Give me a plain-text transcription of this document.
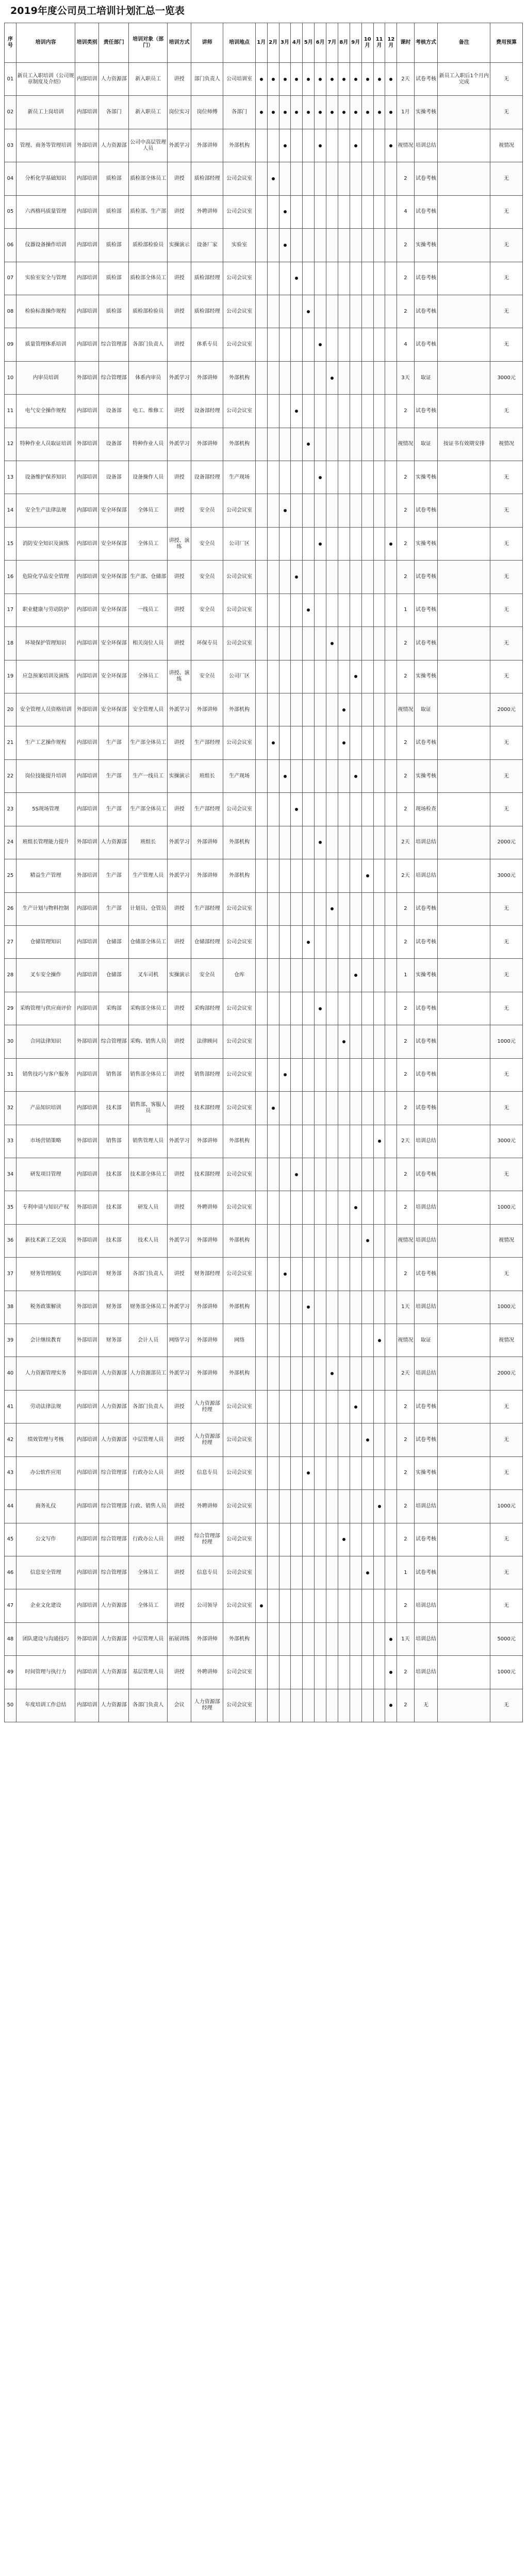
2019年度公司员工培训计划汇总一览表
序号	培训内容	培训类别	责任部门	培训对象（部门）	培训方式	讲师	培训地点	1月	2月	3月	4月	5月	6月	7月	8月	9月	10月	11月	12月	课时	考核方式	备注	费用预算
01	新员工入职培训（公司规章制度及介绍）	内部培训	人力资源部	新入职员工	讲授	部门负责人	公司培训室													2天	试卷考核	新员工入职后1个月内完成	无
02	新员工上岗培训	内部培训	各部门	新入职员工	岗位实习	岗位师傅	各部门													1月	实操考核		无
03	管理、商务等管理培训	外部培训	人力资源部	公司中高层管理人员	外派学习	外部讲师	外部机构													视情况	培训总结		视情况
04	分析化学基础知识	内部培训	质检部	质检部全体员工	讲授	质检部经理	公司会议室													2	试卷考核		无
05	六西格玛质量管理	内部培训	质检部	质检部、生产部	讲授	外聘讲师	公司会议室													4	试卷考核		无
06	仪器设备操作培训	内部培训	质检部	质检部检验员	实操演示	设备厂家	实验室													2	实操考核		无
07	实验室安全与管理	内部培训	质检部	质检部全体员工	讲授	质检部经理	公司会议室													2	试卷考核		无
08	检验标准操作规程	内部培训	质检部	质检部检验员	讲授	质检部经理	公司会议室													2	试卷考核		无
09	质量管理体系培训	内部培训	综合管理部	各部门负责人	讲授	体系专员	公司会议室													4	试卷考核		无
10	内审员培训	外部培训	综合管理部	体系内审员	外派学习	外部讲师	外部机构													3天	取证		3000元
11	电气安全操作规程	内部培训	设备部	电工、维修工	讲授	设备部经理	公司会议室													2	试卷考核		无
12	特种作业人员取证培训	外部培训	设备部	特种作业人员	外派学习	外部讲师	外部机构													视情况	取证	按证书有效期安排	视情况
13	设备维护保养知识	内部培训	设备部	设备操作人员	讲授	设备部经理	生产现场													2	实操考核		无
14	安全生产法律法规	内部培训	安全环保部	全体员工	讲授	安全员	公司会议室													2	试卷考核		无
15	消防安全知识及演练	内部培训	安全环保部	全体员工	讲授、演练	安全员	公司厂区													2	实操考核		无
16	危险化学品安全管理	内部培训	安全环保部	生产部、仓储部	讲授	安全员	公司会议室													2	试卷考核		无
17	职业健康与劳动防护	内部培训	安全环保部	一线员工	讲授	安全员	公司会议室													1	试卷考核		无
18	环境保护管理知识	内部培训	安全环保部	相关岗位人员	讲授	环保专员	公司会议室													2	试卷考核		无
19	应急预案培训及演练	内部培训	安全环保部	全体员工	讲授、演练	安全员	公司厂区													2	实操考核		无
20	安全管理人员资格培训	外部培训	安全环保部	安全管理人员	外派学习	外部讲师	外部机构													视情况	取证		2000元
21	生产工艺操作规程	内部培训	生产部	生产部全体员工	讲授	生产部经理	公司会议室													2	试卷考核		无
22	岗位技能提升培训	内部培训	生产部	生产一线员工	实操演示	班组长	生产现场													2	实操考核		无
23	5S现场管理	内部培训	生产部	生产部全体员工	讲授	生产部经理	公司会议室													2	现场检查		无
24	班组长管理能力提升	外部培训	人力资源部	班组长	外派学习	外部讲师	外部机构													2天	培训总结		2000元
25	精益生产管理	外部培训	生产部	生产管理人员	外派学习	外部讲师	外部机构													2天	培训总结		3000元
26	生产计划与物料控制	内部培训	生产部	计划员、仓管员	讲授	生产部经理	公司会议室													2	试卷考核		无
27	仓储管理知识	内部培训	仓储部	仓储部全体员工	讲授	仓储部经理	公司会议室													2	试卷考核		无
28	叉车安全操作	内部培训	仓储部	叉车司机	实操演示	安全员	仓库													1	实操考核		无
29	采购管理与供应商评价	内部培训	采购部	采购部全体员工	讲授	采购部经理	公司会议室													2	试卷考核		无
30	合同法律知识	外部培训	综合管理部	采购、销售人员	讲授	法律顾问	公司会议室													2	试卷考核		1000元
31	销售技巧与客户服务	内部培训	销售部	销售部全体员工	讲授	销售部经理	公司会议室													2	试卷考核		无
32	产品知识培训	内部培训	技术部	销售部、客服人员	讲授	技术部经理	公司会议室													2	试卷考核		无
33	市场营销策略	外部培训	销售部	销售管理人员	外派学习	外部讲师	外部机构													2天	培训总结		3000元
34	研发项目管理	内部培训	技术部	技术部全体员工	讲授	技术部经理	公司会议室													2	试卷考核		无
35	专利申请与知识产权	外部培训	技术部	研发人员	讲授	外聘讲师	公司会议室													2	培训总结		1000元
36	新技术新工艺交流	外部培训	技术部	技术人员	外派学习	外部讲师	外部机构													视情况	培训总结		视情况
37	财务管理制度	内部培训	财务部	各部门负责人	讲授	财务部经理	公司会议室													2	试卷考核		无
38	税务政策解读	外部培训	财务部	财务部全体员工	外派学习	外部讲师	外部机构													1天	培训总结		1000元
39	会计继续教育	外部培训	财务部	会计人员	网络学习	外部讲师	网络													视情况	取证		视情况
40	人力资源管理实务	外部培训	人力资源部	人力资源部员工	外派学习	外部讲师	外部机构													2天	培训总结		2000元
41	劳动法律法规	内部培训	人力资源部	各部门负责人	讲授	人力资源部经理	公司会议室													2	试卷考核		无
42	绩效管理与考核	内部培训	人力资源部	中层管理人员	讲授	人力资源部经理	公司会议室													2	试卷考核		无
43	办公软件应用	内部培训	综合管理部	行政办公人员	讲授	信息专员	公司会议室													2	实操考核		无
44	商务礼仪	内部培训	综合管理部	行政、销售人员	讲授	外聘讲师	公司会议室													2	培训总结		1000元
45	公文写作	内部培训	综合管理部	行政办公人员	讲授	综合管理部经理	公司会议室													2	试卷考核		无
46	信息安全管理	内部培训	综合管理部	全体员工	讲授	信息专员	公司会议室													1	试卷考核		无
47	企业文化建设	内部培训	人力资源部	全体员工	讲授	公司领导	公司会议室													2	培训总结		无
48	团队建设与沟通技巧	外部培训	人力资源部	中层管理人员	拓展训练	外部讲师	外部机构													1天	培训总结		5000元
49	时间管理与执行力	内部培训	人力资源部	基层管理人员	讲授	外聘讲师	公司会议室													2	培训总结		1000元
50	年度培训工作总结	内部培训	人力资源部	各部门负责人	会议	人力资源部经理	公司会议室													2	无		无
